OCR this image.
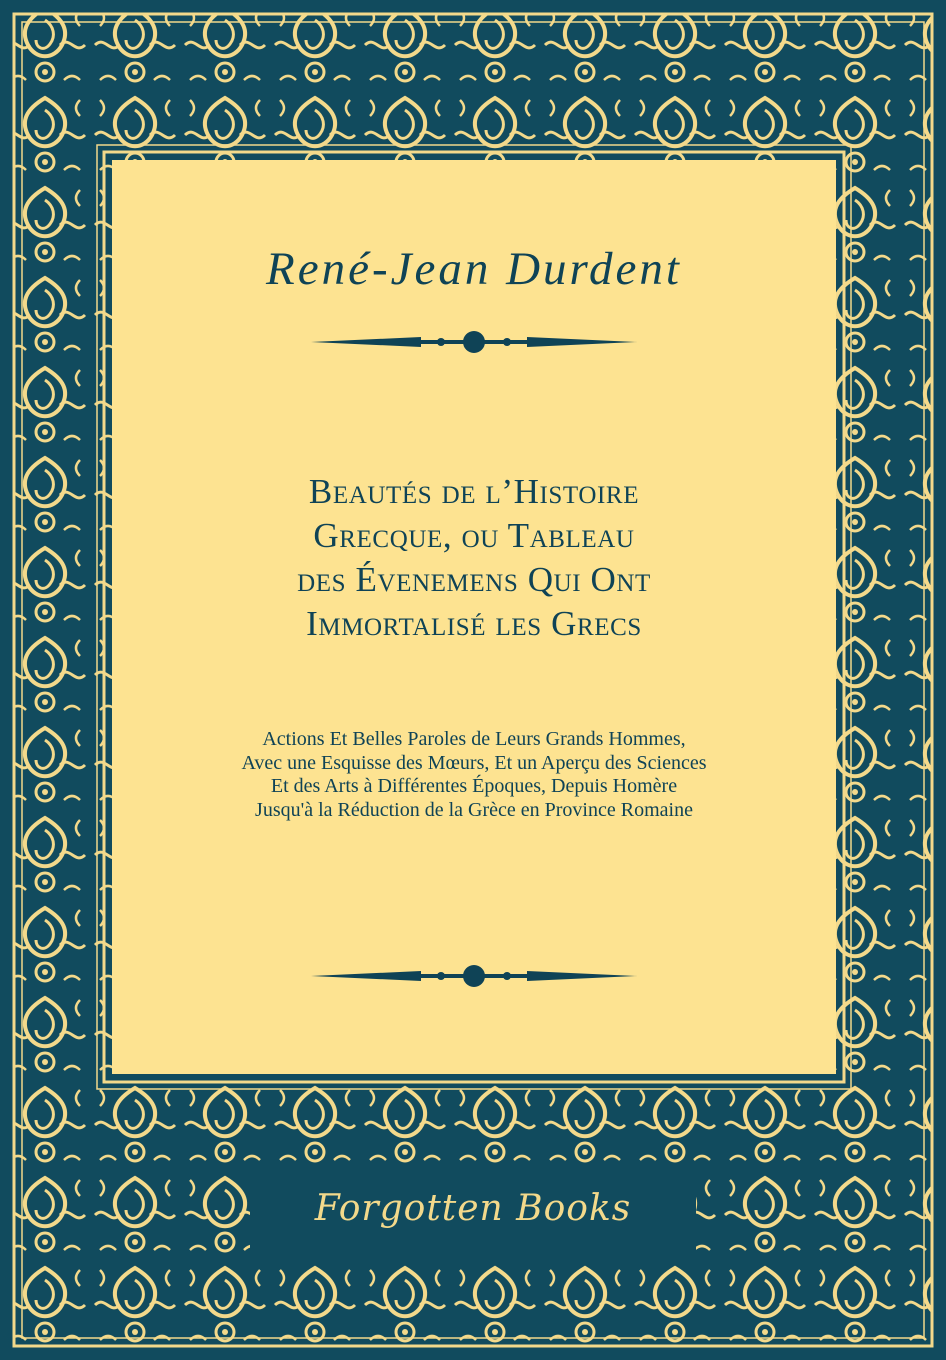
René-Jean Durdent
Beautés de l’Histoire
Grecque, ou Tableau
des Évenemens Qui Ont
Immortalisé les Grecs
Actions Et Belles Paroles de Leurs Grands Hommes,
Avec une Esquisse des Mœurs, Et un Aperçu des Sciences
Et des Arts à Différentes Époques, Depuis Homère
Jusqu'à la Réduction de la Grèce en Province Romaine
Forgotten Books
